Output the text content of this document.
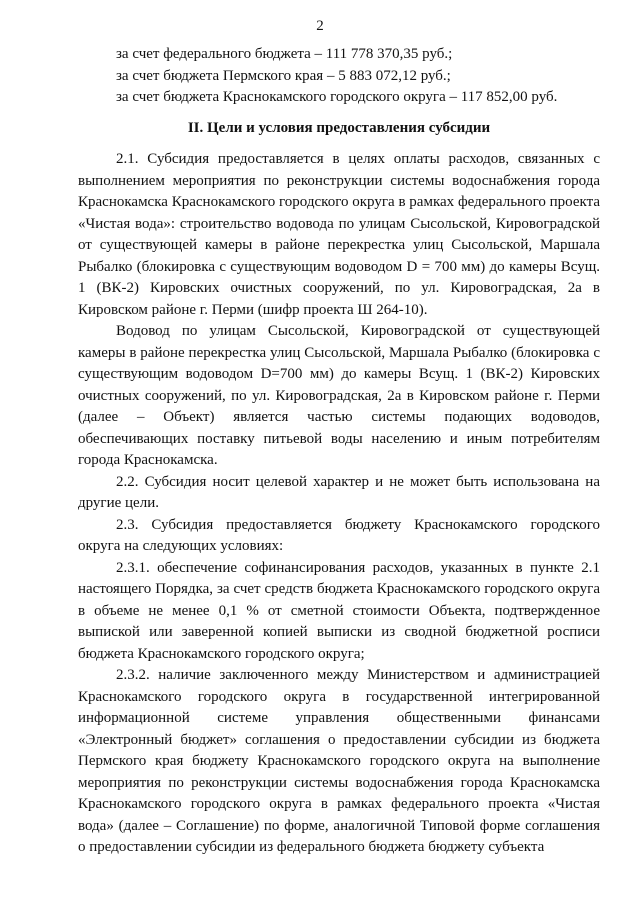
2
за счет федерального бюджета – 111 778 370,35 руб.;
за счет бюджета Пермского края – 5 883 072,12 руб.;
за счет бюджета Краснокамского городского округа – 117 852,00 руб.
II. Цели и условия предоставления субсидии

2.1. Субсидия предоставляется в целях оплаты расходов, связанных с выполнением мероприятия по реконструкции системы водоснабжения города Краснокамска Краснокамского городского округа в рамках федерального проекта «Чистая вода»: строительство водовода по улицам Сысольской, Кировоградской от существующей камеры в районе перекрестка улиц Сысольской, Маршала Рыбалко (блокировка с существующим водоводом D = 700 мм) до камеры Всущ. 1 (ВК-2) Кировских очистных сооружений, по ул. Кировоградская, 2а в Кировском районе г. Перми (шифр проекта Ш 264-10).

Водовод по улицам Сысольской, Кировоградской от существующей камеры в районе перекрестка улиц Сысольской, Маршала Рыбалко (блокировка с существующим водоводом D=700 мм) до камеры Всущ. 1 (ВК-2) Кировских очистных сооружений, по ул. Кировоградская, 2а в Кировском районе г. Перми (далее – Объект) является частью системы подающих водоводов, обеспечивающих поставку питьевой воды населению и иным потребителям города Краснокамска.

2.2. Субсидия носит целевой характер и не может быть использована на другие цели.

2.3. Субсидия предоставляется бюджету Краснокамского городского округа на следующих условиях:

2.3.1. обеспечение софинансирования расходов, указанных в пункте 2.1 настоящего Порядка, за счет средств бюджета Краснокамского городского округа в объеме не менее 0,1 % от сметной стоимости Объекта, подтвержденное выпиской или заверенной копией выписки из сводной бюджетной росписи бюджета Краснокамского городского округа;

2.3.2. наличие заключенного между Министерством и администрацией Краснокамского городского округа в государственной интегрированной информационной системе управления общественными финансами «Электронный бюджет» соглашения о предоставлении субсидии из бюджета Пермского края бюджету Краснокамского городского округа на выполнение мероприятия по реконструкции системы водоснабжения города Краснокамска Краснокамского городского округа в рамках федерального проекта «Чистая вода» (далее – Соглашение) по форме, аналогичной Типовой форме соглашения о предоставлении субсидии из федерального бюджета бюджету субъекта
